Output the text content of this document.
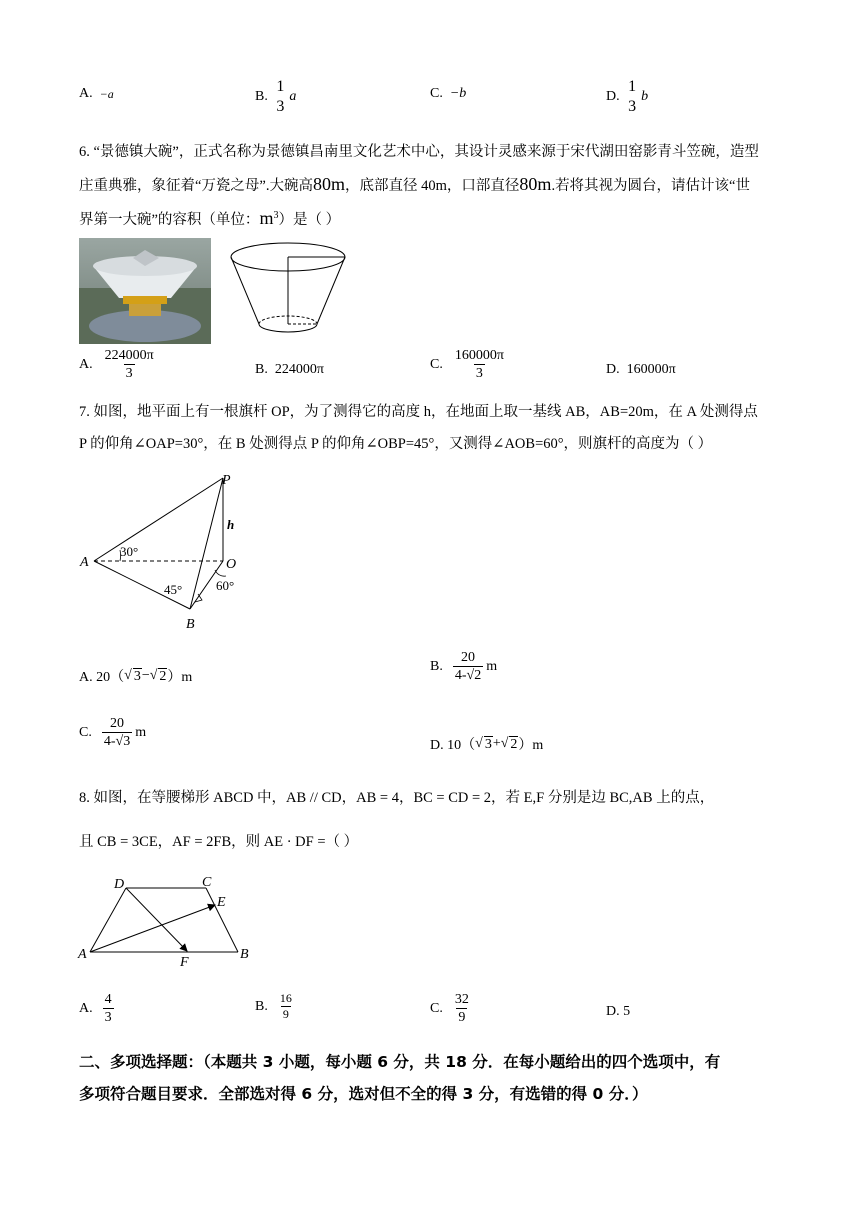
A.
−a	B.

1
3
a	C.
−b	D.

1
3
b
6. “景德镇大碗”，正式名称为景德镇昌南里文化艺术中心，其设计灵感来源于宋代湖田窑影青斗笠碗，造型
庄重典雅，象征着“万瓷之母”.大碗高80m，底部直径 40m，口部直径80m.若将其视为圆台，请估计该“世
界第一大碗”的容积（单位：$m^3$）是（ ）
A.
$\frac{224000\pi}{3}$	B.
224000π	C.
$\frac{160000\pi}{3}$	D.
160000π
7. 如图，地平面上有一根旗杆 OP，为了测得它的高度 h，在地面上取一基线 AB，AB=20m，在 A 处测得点
P 的仰角∠OAP=30°，在 B 处测得点 P 的仰角∠OBP=45°，又测得∠AOB=60°，则旗杆的高度为（ ）
P
A	O
B
h
30°
45°	60°
A. 20（ √ 3 − √ 2 ）m
B.
$\frac{20}{4-√2}$ m
C.
$\frac{20}{4-√3}$ m
D. 10（ √ 3 + √ 2 ）m
8. 如图，在等腰梯形 ABCD 中，AB // CD，AB = 4，BC = CD = 2，若 E,F 分别是边 BC,AB 上的点，
且 CB = 3CE，AF = 2FB，则 AE · DF =（ ）
D	C
E
A
F
B
A.
$\frac{4}{3}$	B.
$\frac{16}{9}$	C.
$\frac{32}{9}$	D. 5
二、多项选择题：（本题共 3 小题，每小题 6 分，共 18 分．在每小题给出的四个选项中，有
多项符合题目要求．全部选对得 6 分，选对但不全的得 3 分，有选错的得 0 分．）
